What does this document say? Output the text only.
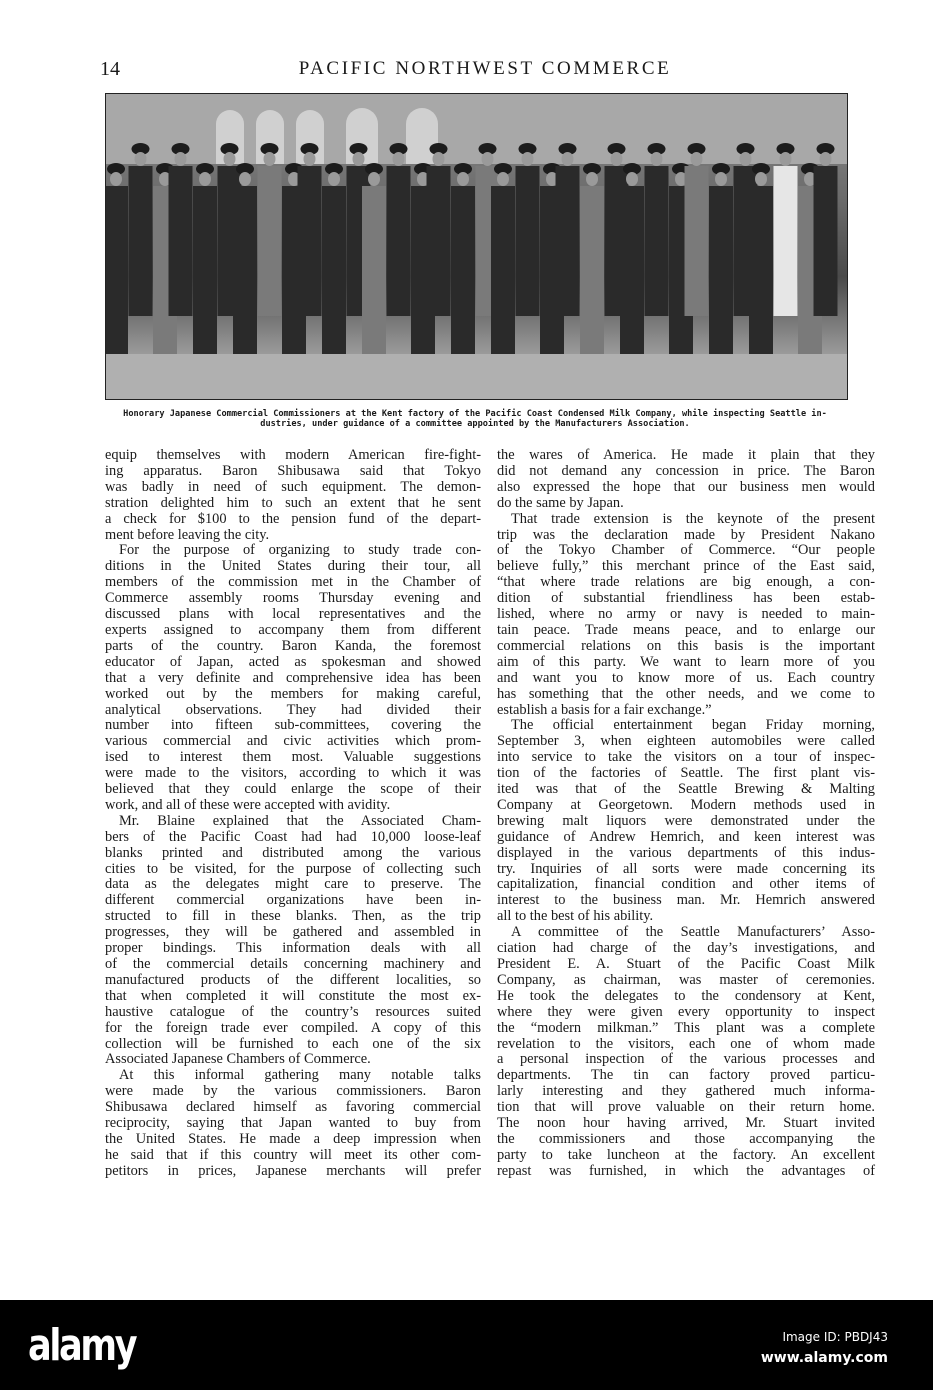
14	PACIFIC NORTHWEST COMMERCE
Honorary Japanese Commercial Commissioners at the Kent factory of the Pacific Coast Condensed Milk Company, while inspecting Seattle in-
dustries, under guidance of a committee appointed by the Manufacturers Association.
equip themselves with modern American fire-fight-
ing apparatus. Baron Shibusawa said that Tokyo
was badly in need of such equipment. The demon-
stration delighted him to such an extent that he sent
a check for $100 to the pension fund of the depart-
ment before leaving the city.
For the purpose of organizing to study trade con-
ditions in the United States during their tour, all
members of the commission met in the Chamber of
Commerce assembly rooms Thursday evening and
discussed plans with local representatives and the
experts assigned to accompany them from different
parts of the country. Baron Kanda, the foremost
educator of Japan, acted as spokesman and showed
that a very definite and comprehensive idea has been
worked out by the members for making careful,
analytical observations. They had divided their
number into fifteen sub-committees, covering the
various commercial and civic activities which prom-
ised to interest them most. Valuable suggestions
were made to the visitors, according to which it was
believed that they could enlarge the scope of their
work, and all of these were accepted with avidity.
Mr. Blaine explained that the Associated Cham-
bers of the Pacific Coast had had 10,000 loose-leaf
blanks printed and distributed among the various
cities to be visited, for the purpose of collecting such
data as the delegates might care to preserve. The
different commercial organizations have been in-
structed to fill in these blanks. Then, as the trip
progresses, they will be gathered and assembled in
proper bindings. This information deals with all
of the commercial details concerning machinery and
manufactured products of the different localities, so
that when completed it will constitute the most ex-
haustive catalogue of the country’s resources suited
for the foreign trade ever compiled. A copy of this
collection will be furnished to each one of the six
Associated Japanese Chambers of Commerce.
At this informal gathering many notable talks
were made by the various commissioners. Baron
Shibusawa declared himself as favoring commercial
reciprocity, saying that Japan wanted to buy from
the United States. He made a deep impression when
he said that if this country will meet its other com-
petitors in prices, Japanese merchants will prefer
the wares of America. He made it plain that they
did not demand any concession in price. The Baron
also expressed the hope that our business men would
do the same by Japan.
That trade extension is the keynote of the present
trip was the declaration made by President Nakano
of the Tokyo Chamber of Commerce. “Our people
believe fully,” this merchant prince of the East said,
“that where trade relations are big enough, a con-
dition of substantial friendliness has been estab-
lished, where no army or navy is needed to main-
tain peace. Trade means peace, and to enlarge our
commercial relations on this basis is the important
aim of this party. We want to learn more of you
and want you to know more of us. Each country
has something that the other needs, and we come to
establish a basis for a fair exchange.”
The official entertainment began Friday morning,
September 3, when eighteen automobiles were called
into service to take the visitors on a tour of inspec-
tion of the factories of Seattle. The first plant vis-
ited was that of the Seattle Brewing & Malting
Company at Georgetown. Modern methods used in
brewing malt liquors were demonstrated under the
guidance of Andrew Hemrich, and keen interest was
displayed in the various departments of this indus-
try. Inquiries of all sorts were made concerning its
capitalization, financial condition and other items of
interest to the business man. Mr. Hemrich answered
all to the best of his ability.
A committee of the Seattle Manufacturers’ Asso-
ciation had charge of the day’s investigations, and
President E. A. Stuart of the Pacific Coast Milk
Company, as chairman, was master of ceremonies.
He took the delegates to the condensory at Kent,
where they were given every opportunity to inspect
the “modern milkman.” This plant was a complete
revelation to the visitors, each one of whom made
a personal inspection of the various processes and
departments. The tin can factory proved particu-
larly interesting and they gathered much informa-
tion that will prove valuable on their return home.
The noon hour having arrived, Mr. Stuart invited
the commissioners and those accompanying the
party to take luncheon at the factory. An excellent
repast was furnished, in which the advantages of
alamy	Image ID: PBDJ43
www.alamy.com
